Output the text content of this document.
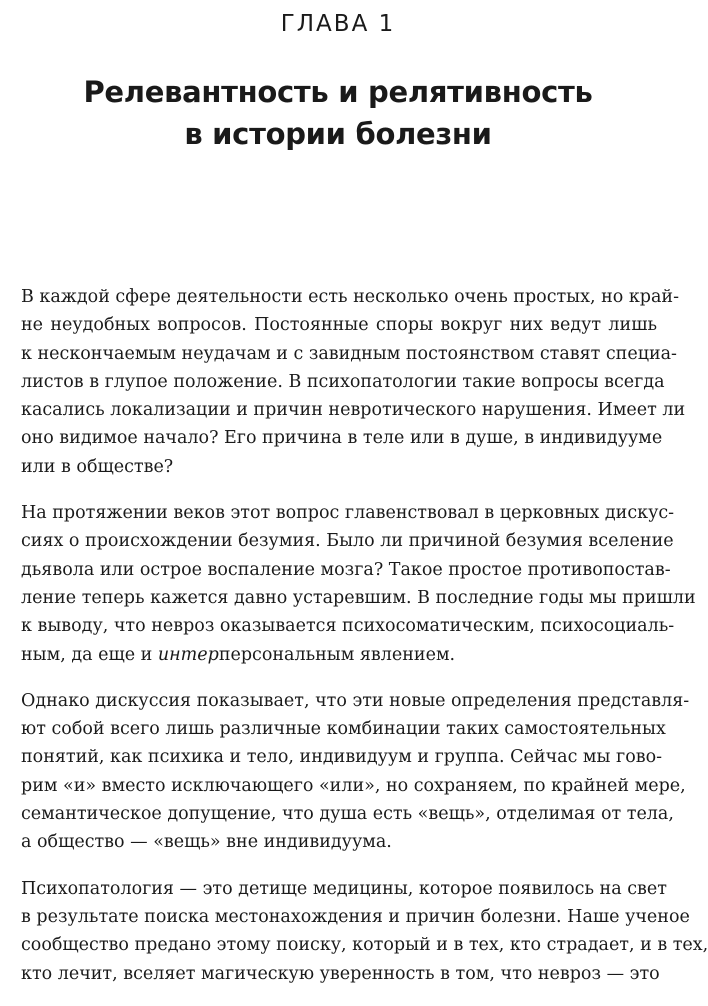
ГЛАВА 1
Релевантность и релятивность
в истории болезни

В каждой сфере деятельности есть несколько очень простых, но край-
не неудобных вопросов. Постоянные споры вокруг них ведут лишь
к нескончаемым неудачам и с завидным постоянством ставят специа-
листов в глупое положение. В психопатологии такие вопросы всегда
касались локализации и причин невротического нарушения. Имеет ли
оно видимое начало? Его причина в теле или в душе, в индивидууме
или в обществе?

На протяжении веков этот вопрос главенствовал в церковных дискус-
сиях о происхождении безумия. Было ли причиной безумия вселение
дьявола или острое воспаление мозга? Такое простое противопостав-
ление теперь кажется давно устаревшим. В последние годы мы пришли
к выводу, что невроз оказывается психосоматическим, психосоциаль-
ным, да еще и интерперсональным явлением.

Однако дискуссия показывает, что эти новые определения представля-
ют собой всего лишь различные комбинации таких самостоятельных
понятий, как психика и тело, индивидуум и группа. Сейчас мы гово-
рим «и» вместо исключающего «или», но сохраняем, по крайней мере,
семантическое допущение, что душа есть «вещь», отделимая от тела,
а общество — «вещь» вне индивидуума.

Психопатология — это детище медицины, которое появилось на свет
в результате поиска местонахождения и причин болезни. Наше ученое
сообщество предано этому поиску, который и в тех, кто страдает, и в тех,
кто лечит, вселяет магическую уверенность в том, что невроз — это
